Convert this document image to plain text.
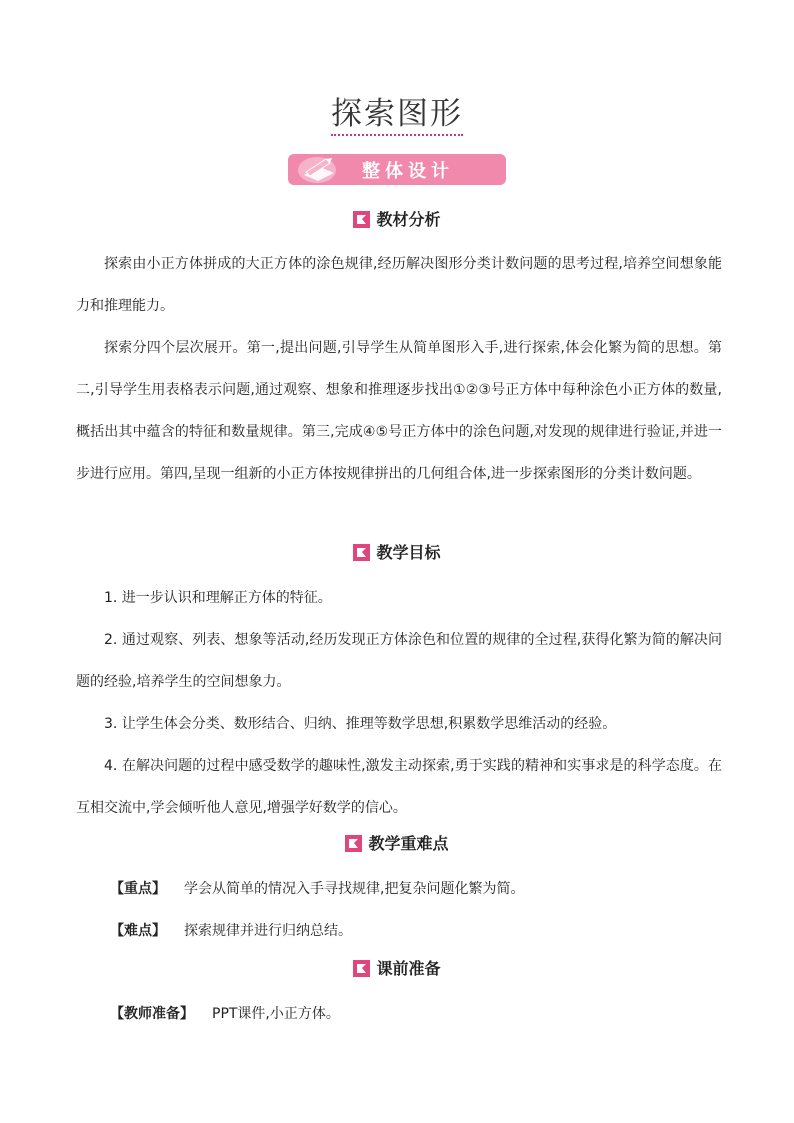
探索图形
整体设计
教材分析
探索由小正方体拼成的大正方体的涂色规律,经历解决图形分类计数问题的思考过程,培养空间想象能力和推理能力。
探索分四个层次展开。第一,提出问题,引导学生从简单图形入手,进行探索,体会化繁为简的思想。第二,引导学生用表格表示问题,通过观察、想象和推理逐步找出①②③号正方体中每种涂色小正方体的数量,概括出其中蕴含的特征和数量规律。第三,完成④⑤号正方体中的涂色问题,对发现的规律进行验证,并进一步进行应用。第四,呈现一组新的小正方体按规律拼出的几何组合体,进一步探索图形的分类计数问题。
教学目标
1. 进一步认识和理解正方体的特征。
2. 通过观察、列表、想象等活动,经历发现正方体涂色和位置的规律的全过程,获得化繁为简的解决问题的经验,培养学生的空间想象力。
3. 让学生体会分类、数形结合、归纳、推理等数学思想,积累数学思维活动的经验。
4. 在解决问题的过程中感受数学的趣味性,激发主动探索,勇于实践的精神和实事求是的科学态度。在互相交流中,学会倾听他人意见,增强学好数学的信心。
教学重难点
【重点】 学会从简单的情况入手寻找规律,把复杂问题化繁为简。
【难点】 探索规律并进行归纳总结。
课前准备
【教师准备】 PPT课件,小正方体。
